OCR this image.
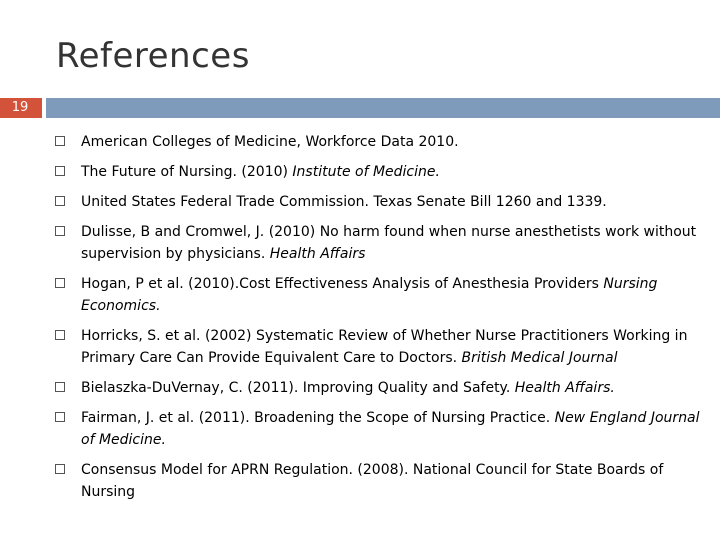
References
19
American Colleges of Medicine, Workforce Data 2010.
The Future of Nursing. (2010) Institute of Medicine.
United States Federal Trade Commission. Texas Senate Bill 1260 and 1339.
Dulisse, B and Cromwel, J. (2010) No harm found when nurse anesthetists work without supervision by physicians. Health Affairs
Hogan, P et al. (2010).Cost Effectiveness Analysis of Anesthesia Providers Nursing Economics.
Horricks, S. et al. (2002) Systematic Review of Whether Nurse Practitioners Working in Primary Care Can Provide Equivalent Care to Doctors. British Medical Journal
Bielaszka-DuVernay, C. (2011). Improving Quality and Safety. Health Affairs.
Fairman, J. et al. (2011). Broadening the Scope of Nursing Practice. New England Journal of Medicine.
Consensus Model for APRN Regulation. (2008). National Council for State Boards of Nursing
